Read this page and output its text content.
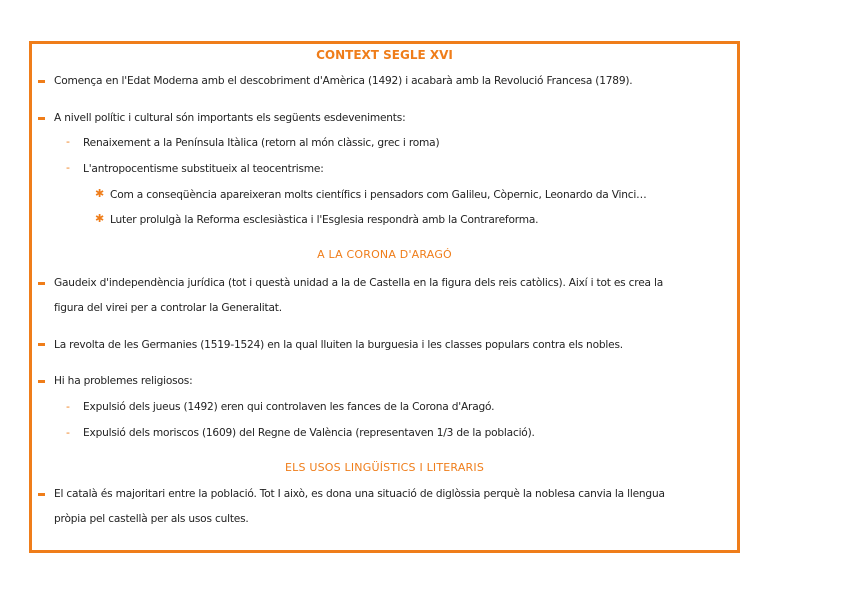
CONTEXT SEGLE XVI
Comença en l'Edat Moderna amb el descobriment d'Amèrica (1492) i acabarà amb la Revolució Francesa (1789).
A nivell polític i cultural són importants els següents esdeveniments:
- Renaixement a la Península Itàlica (retorn al món clàssic, grec i roma)
- L'antropocentisme substitueix al teocentrisme:
✱ Com a conseqüència apareixeran molts científics i pensadors com Galileu, Còpernic, Leonardo da Vinci…
✱ Luter prolulgà la Reforma esclesiàstica i l'Esglesia respondrà amb la Contrareforma.
A LA CORONA D'ARAGÓ
Gaudeix d'independència jurídica (tot i questà unidad a la de Castella en la figura dels reis catòlics). Així i tot es crea la
figura del virei per a controlar la Generalitat.
La revolta de les Germanies (1519-1524) en la qual lluiten la burguesia i les classes populars contra els nobles.
Hi ha problemes religiosos:
- Expulsió dels jueus (1492) eren qui controlaven les fances de la Corona d'Aragó.
- Expulsió dels moriscos (1609) del Regne de València (representaven 1/3 de la població).
ELS USOS LINGÜÍSTICS I LITERARIS
El català és majoritari entre la població. Tot I això, es dona una situació de diglòssia perquè la noblesa canvia la llengua
pròpia pel castellà per als usos cultes.
